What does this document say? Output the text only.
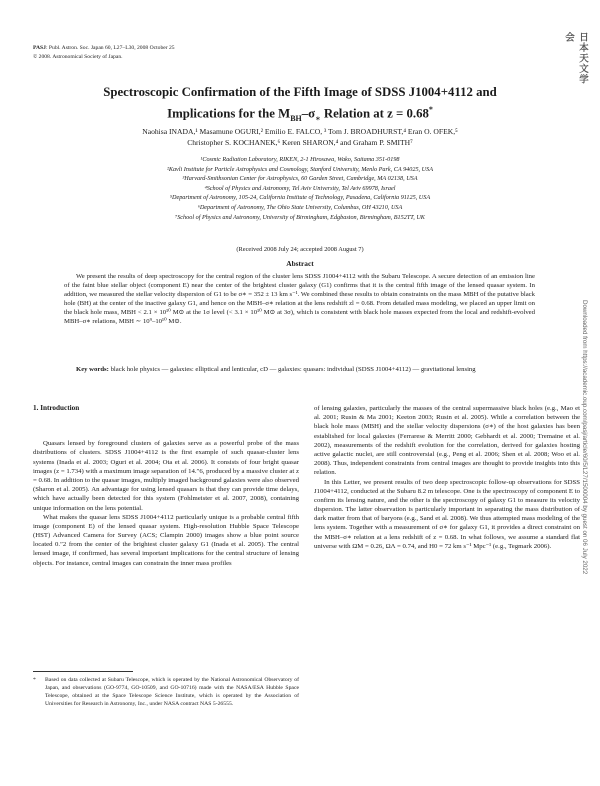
PASJ: Publ. Astron. Soc. Japan 60, L27–L30, 2008 October 25
© 2008. Astronomical Society of Japan.	日本天文学会
Downloaded from https://academic.oup.com/pasj/article/60/5/L27/1500004 by guest on 06 July 2022
Spectroscopic Confirmation of the Fifth Image of SDSS J1004+4112 and
Implications for the $M_{BH}-\sigma_∗$ Relation at z = 0.68*
Naohisa INADA,¹ Masamune OGURI,² Emilio E. FALCO, ³ Tom J. BROADHURST,⁴ Eran O. OFEK,⁵
Christopher S. KOCHANEK,⁶ Keren SHARON,⁴ and Graham P. SMITH⁷
¹Cosmic Radiation Laboratory, RIKEN, 2-1 Hirosawa, Wako, Saitama 351-0198
²Kavli Institute for Particle Astrophysics and Cosmology, Stanford University, Menlo Park, CA 94025, USA
³Harvard-Smithsonian Center for Astrophysics, 60 Garden Street, Cambridge, MA 02138, USA
⁴School of Physics and Astronomy, Tel Aviv University, Tel Aviv 69978, Israel
⁵Department of Astronomy, 105-24, California Institute of Technology, Pasadena, California 91125, USA
⁶Department of Astronomy, The Ohio State University, Columbus, OH 43210, USA
⁷School of Physics and Astronomy, University of Birmingham, Edgbaston, Birmingham, B152TT, UK
(Received 2008 July 24; accepted 2008 August 7)
Abstract
We present the results of deep spectroscopy for the central region of the cluster lens SDSS J1004+4112 with the Subaru Telescope. A secure detection of an emission line of the faint blue stellar object (component E) near the center of the brightest cluster galaxy (G1) confirms that it is the central fifth image of the lensed quasar system. In addition, we measured the stellar velocity dispersion of G1 to be σ∗ = 352 ± 13 km s⁻¹. We combined these results to obtain constraints on the mass MBH of the putative black hole (BH) at the center of the inactive galaxy G1, and hence on the MBH–σ∗ relation at the lens redshift zl = 0.68. From detailed mass modeling, we placed an upper limit on the black hole mass, MBH < 2.1 × 10¹⁰ M⊙ at the 1σ level (< 3.1 × 10¹⁰ M⊙ at 3σ), which is consistent with black hole masses expected from the local and redshift-evolved MBH–σ∗ relations, MBH ∼ 10⁹–10¹⁰ M⊙.
Key words: black hole physics — galaxies: elliptical and lenticular, cD — galaxies: quasars: individual (SDSS J1004+4112) — gravitational lensing

1. Introduction

Quasars lensed by foreground clusters of galaxies serve as a powerful probe of the mass distributions of clusters. SDSS J1004+4112 is the first example of such quasar-cluster lens systems (Inada et al. 2003; Oguri et al. 2004; Ota et al. 2006). It consists of four bright quasar images (z = 1.734) with a maximum image separation of 14.″6, produced by a massive cluster at z = 0.68. In addition to the quasar images, multiply imaged background galaxies were also observed (Sharon et al. 2005). An advantage for using lensed quasars is that they can provide time delays, which have actually been detected for this system (Fohlmeister et al. 2007, 2008), containing unique information on the lens potential.

What makes the quasar lens SDSS J1004+4112 particularly unique is a probable central fifth image (component E) of the lensed quasar system. High-resolution Hubble Space Telescope (HST) Advanced Camera for Survey (ACS; Clampin 2000) images show a blue point source located 0.″2 from the center of the brightest cluster galaxy G1 (Inada et al. 2005). The central lensed image, if confirmed, has several important implications for the central structure of lensing objects. For instance, central images can constrain the inner mass profiles

of lensing galaxies, particularly the masses of the central supermassive black holes (e.g., Mao et al. 2001; Rusin & Ma 2001; Keeton 2003; Rusin et al. 2005). While a correlation between the black hole mass (MBH) and the stellar velocity dispersions (σ∗) of the host galaxies has been established for local galaxies (Ferrarese & Merritt 2000; Gebhardt et al. 2000; Tremaine et al. 2002), measurements of the redshift evolution for the correlation, derived for galaxies hosting active galactic nuclei, are still controversial (e.g., Peng et al. 2006; Shen et al. 2008; Woo et al. 2008). Thus, independent constraints from central images are thought to provide insights into this relation.

In this Letter, we present results of two deep spectroscopic follow-up observations for SDSS J1004+4112, conducted at the Subaru 8.2 m telescope. One is the spectroscopy of component E to confirm its lensing nature, and the other is the spectroscopy of galaxy G1 to measure its velocity dispersion. The latter observation is particularly important in separating the mass distribution of dark matter from that of baryons (e.g., Sand et al. 2008). We thus attempted mass modeling of the lens system. Together with a measurement of σ∗ for galaxy G1, it provides a direct constraint on the MBH–σ∗ relation at a lens redshift of z = 0.68. In what follows, we assume a standard flat universe with ΩM = 0.26, ΩΛ = 0.74, and H0 = 72 km s⁻¹ Mpc⁻¹ (e.g., Tegmark 2006).

*	Based on data collected at Subaru Telescope, which is operated by the National Astronomical Observatory of Japan, and observations (GO-9774, GO-10509, and GO-10716) made with the NASA/ESA Hubble Space Telescope, obtained at the Space Telescope Science Institute, which is operated by the Association of Universities for Research in Astronomy, Inc., under NASA contract NAS 5-26555.
